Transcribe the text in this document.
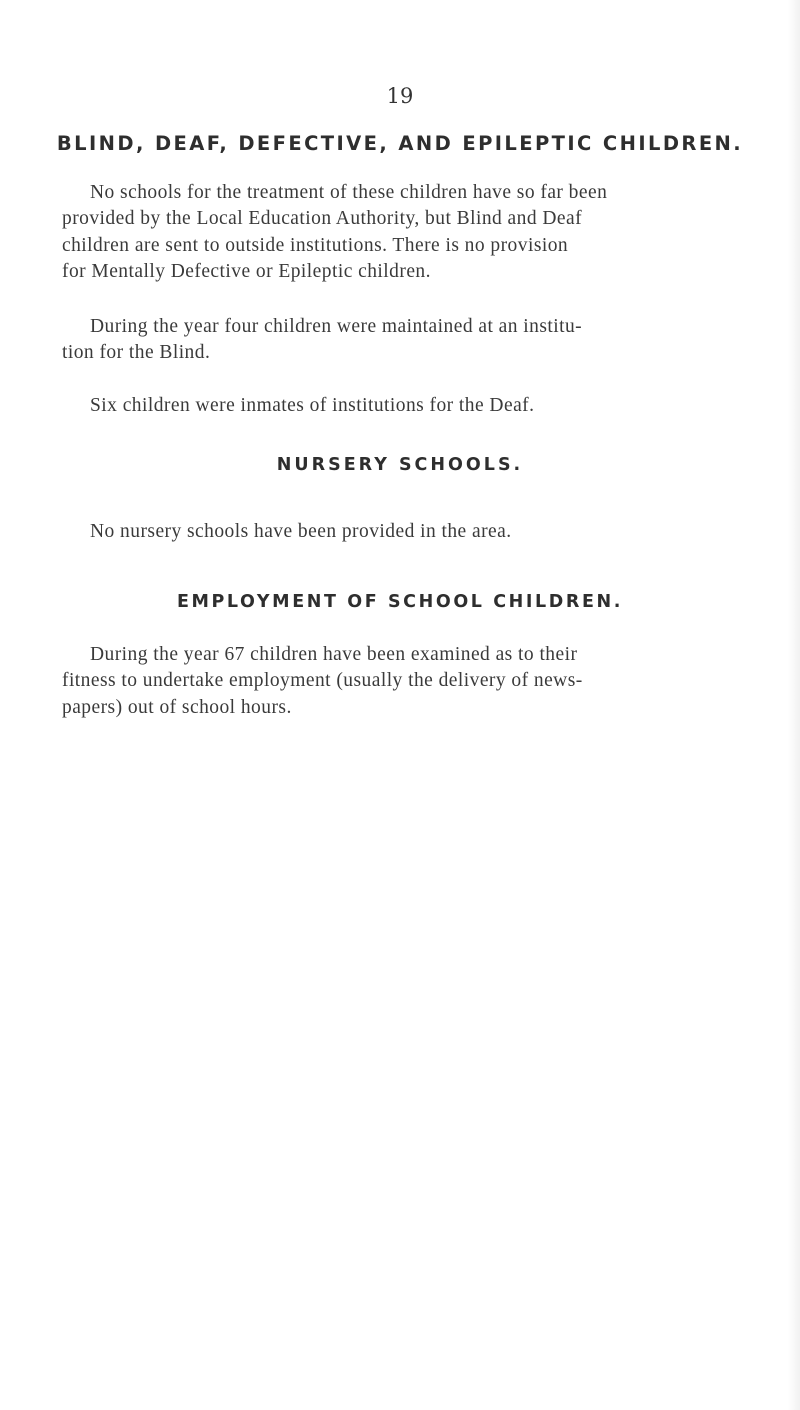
19
BLIND, DEAF, DEFECTIVE, AND EPILEPTIC CHILDREN.

No schools for the treatment of these children have so far been
provided by the Local Education Authority, but Blind and Deaf
children are sent to outside institutions. There is no provision
for Mentally Defective or Epileptic children.

During the year four children were maintained at an institu-
tion for the Blind.

Six children were inmates of institutions for the Deaf.

NURSERY SCHOOLS.

No nursery schools have been provided in the area.

EMPLOYMENT OF SCHOOL CHILDREN.

During the year 67 children have been examined as to their
fitness to undertake employment (usually the delivery of news-
papers) out of school hours.
